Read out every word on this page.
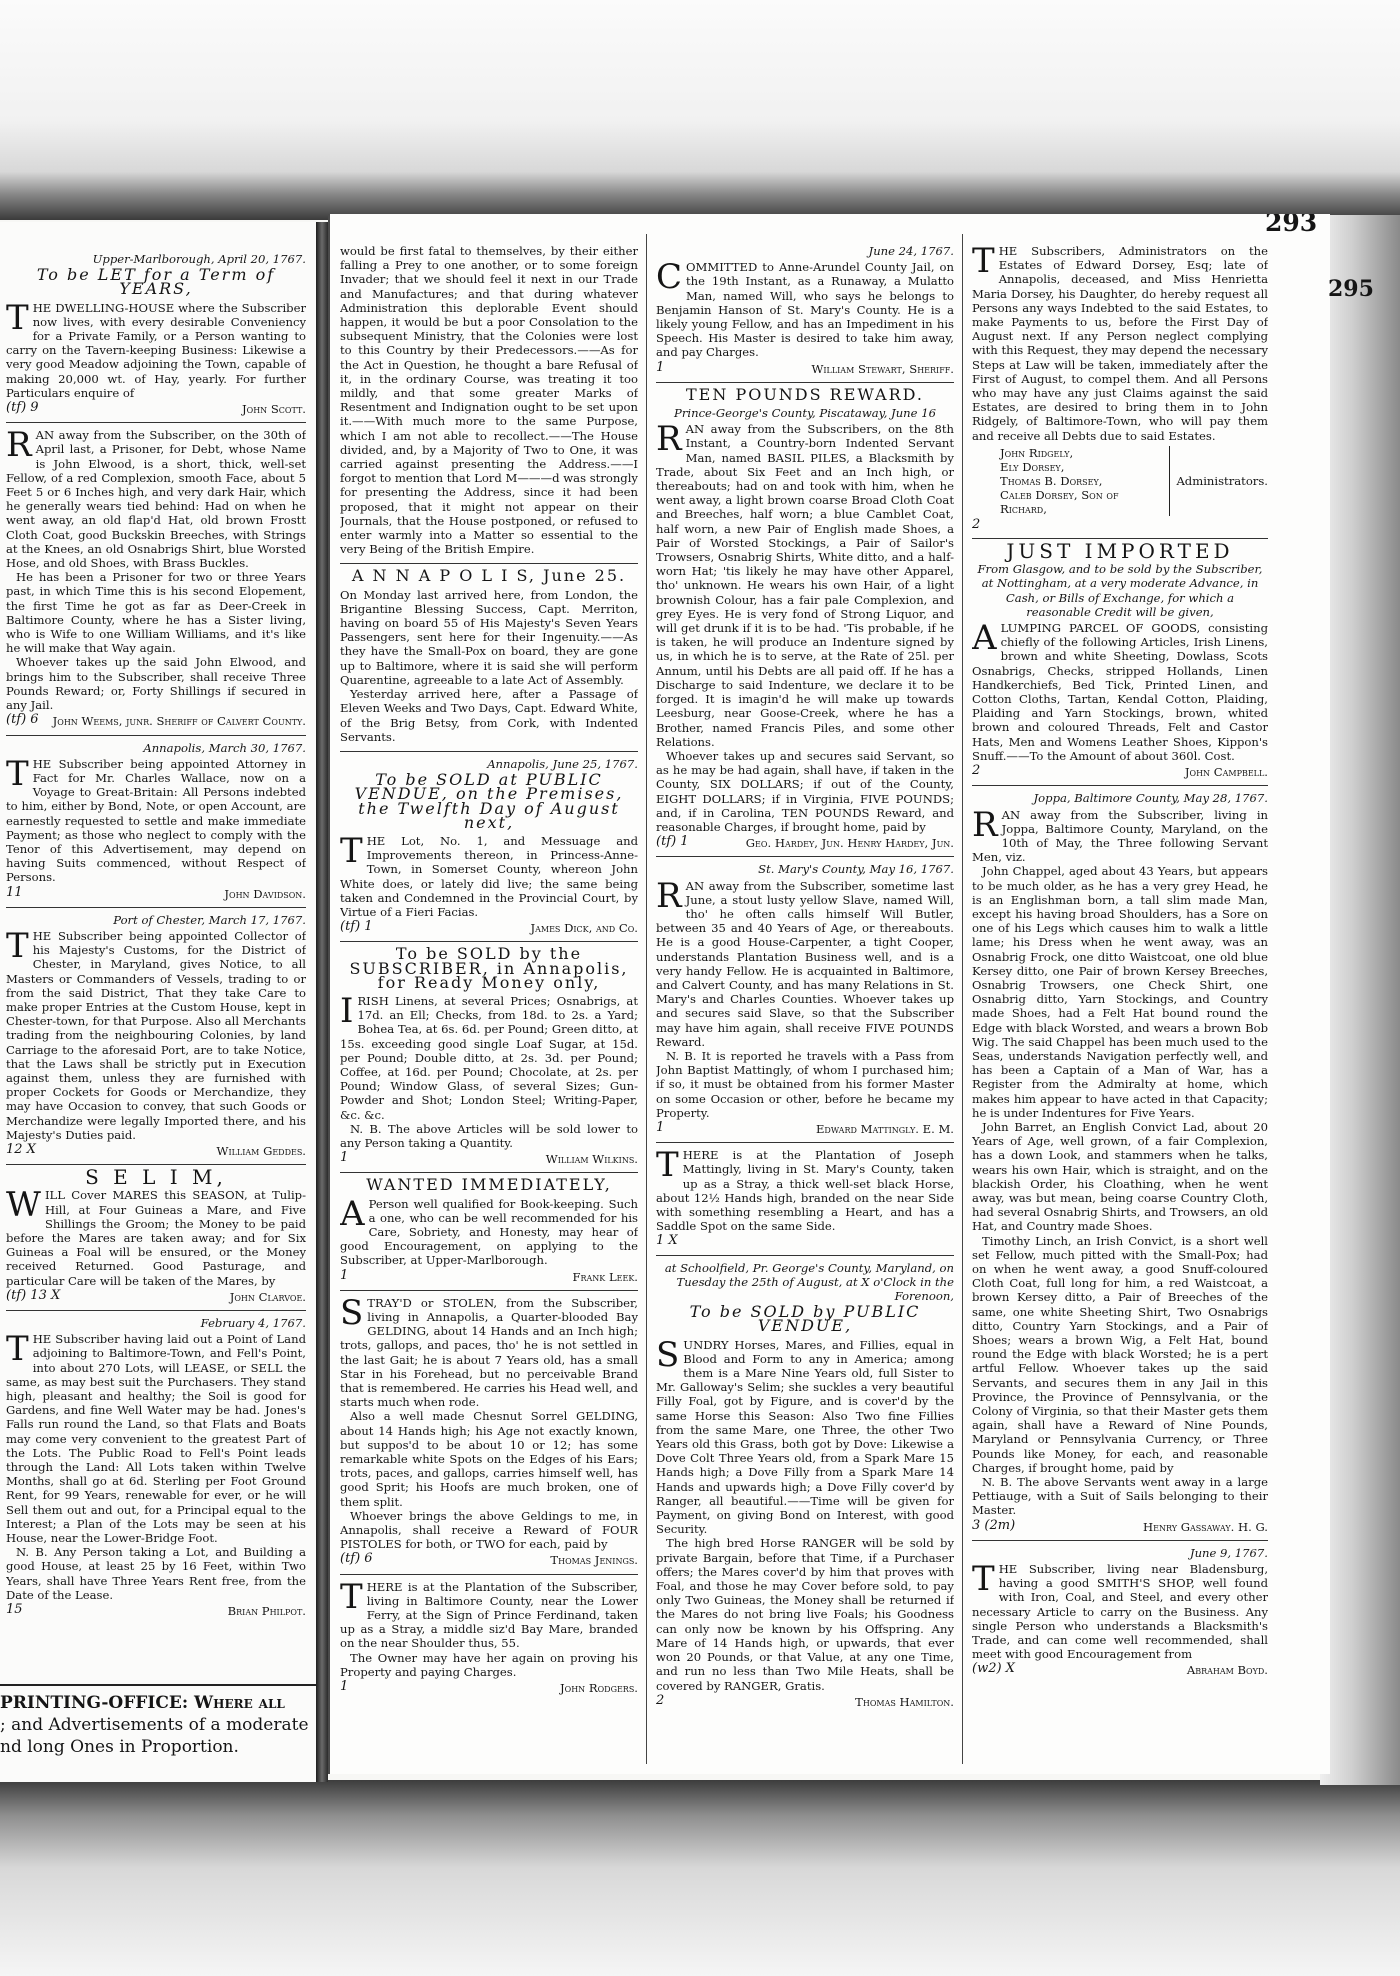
Upper-Marlborough, April 20, 1767.
To be LET for a Term of YEARS,

THE DWELLING-HOUSE where the Subscriber now lives, with every desirable Conveniency for a Private Family, or a Person wanting to carry on the Tavern-keeping Business: Likewise a very good Meadow adjoining the Town, capable of making 20,000 wt. of Hay, yearly. For further Particulars enquire of

(tf) 9	John Scott.

RAN away from the Subscriber, on the 30th of April last, a Prisoner, for Debt, whose Name is John Elwood, is a short, thick, well-set Fellow, of a red Complexion, smooth Face, about 5 Feet 5 or 6 Inches high, and very dark Hair, which he generally wears tied behind: Had on when he went away, an old flap'd Hat, old brown Frostt Cloth Coat, good Buckskin Breeches, with Strings at the Knees, an old Osnabrigs Shirt, blue Worsted Hose, and old Shoes, with Brass Buckles.

He has been a Prisoner for two or three Years past, in which Time this is his second Elopement, the first Time he got as far as Deer-Creek in Baltimore County, where he has a Sister living, who is Wife to one William Williams, and it's like he will make that Way again.

Whoever takes up the said John Elwood, and brings him to the Subscriber, shall receive Three Pounds Reward; or, Forty Shillings if secured in any Jail.

(tf) 6 John Weems, junr. Sheriff of Calvert County.
Annapolis, March 30, 1767.

THE Subscriber being appointed Attorney in Fact for Mr. Charles Wallace, now on a Voyage to Great-Britain: All Persons indebted to him, either by Bond, Note, or open Account, are earnestly requested to settle and make immediate Payment; as those who neglect to comply with the Tenor of this Advertisement, may depend on having Suits commenced, without Respect of Persons.

11	John Davidson.
Port of Chester, March 17, 1767.

THE Subscriber being appointed Collector of his Majesty's Customs, for the District of Chester, in Maryland, gives Notice, to all Masters or Commanders of Vessels, trading to or from the said District, That they take Care to make proper Entries at the Custom House, kept in Chester-town, for that Purpose. Also all Merchants trading from the neighbouring Colonies, by land Carriage to the aforesaid Port, are to take Notice, that the Laws shall be strictly put in Execution against them, unless they are furnished with proper Cockets for Goods or Merchandize, they may have Occasion to convey, that such Goods or Merchandize were legally Imported there, and his Majesty's Duties paid.

12 X	William Geddes.
S E L I M,

WILL Cover MARES this SEASON, at Tulip-Hill, at Four Guineas a Mare, and Five Shillings the Groom; the Money to be paid before the Mares are taken away; and for Six Guineas a Foal will be ensured, or the Money received Returned. Good Pasturage, and particular Care will be taken of the Mares, by

(tf) 13 X	John Clarvoe.
February 4, 1767.

THE Subscriber having laid out a Point of Land adjoining to Baltimore-Town, and Fell's Point, into about 270 Lots, will LEASE, or SELL the same, as may best suit the Purchasers. They stand high, pleasant and healthy; the Soil is good for Gardens, and fine Well Water may be had. Jones's Falls run round the Land, so that Flats and Boats may come very convenient to the greatest Part of the Lots. The Public Road to Fell's Point leads through the Land: All Lots taken within Twelve Months, shall go at 6d. Sterling per Foot Ground Rent, for 99 Years, renewable for ever, or he will Sell them out and out, for a Principal equal to the Interest; a Plan of the Lots may be seen at his House, near the Lower-Bridge Foot.

N. B. Any Person taking a Lot, and Building a good House, at least 25 by 16 Feet, within Two Years, shall have Three Years Rent free, from the Date of the Lease.

15	Brian Philpot.
PRINTING-OFFICE: Where all
; and Advertisements of a moderate
nd long Ones in Proportion.
293

would be first fatal to themselves, by their either falling a Prey to one another, or to some foreign Invader; that we should feel it next in our Trade and Manufactures; and that during whatever Administration this deplorable Event should happen, it would be but a poor Consolation to the subsequent Ministry, that the Colonies were lost to this Country by their Predecessors.——As for the Act in Question, he thought a bare Refusal of it, in the ordinary Course, was treating it too mildly, and that some greater Marks of Resentment and Indignation ought to be set upon it.——With much more to the same Purpose, which I am not able to recollect.——The House divided, and, by a Majority of Two to One, it was carried against presenting the Address.——I forgot to mention that Lord M———d was strongly for presenting the Address, since it had been proposed, that it might not appear on their Journals, that the House postponed, or refused to enter warmly into a Matter so essential to the very Being of the British Empire.

A N N A P O L I S, June 25.

On Monday last arrived here, from London, the Brigantine Blessing Success, Capt. Merriton, having on board 55 of His Majesty's Seven Years Passengers, sent here for their Ingenuity.——As they have the Small-Pox on board, they are gone up to Baltimore, where it is said she will perform Quarentine, agreeable to a late Act of Assembly.

Yesterday arrived here, after a Passage of Eleven Weeks and Two Days, Capt. Edward White, of the Brig Betsy, from Cork, with Indented Servants.

Annapolis, June 25, 1767.
To be SOLD at PUBLIC VENDUE, on the Premises, the Twelfth Day of August next,

THE Lot, No. 1, and Messuage and Improvements thereon, in Princess-Anne-Town, in Somerset County, whereon John White does, or lately did live; the same being taken and Condemned in the Provincial Court, by Virtue of a Fieri Facias.

(tf) 1	James Dick, and Co.
To be SOLD by the SUBSCRIBER, in Annapolis, for Ready Money only,

IRISH Linens, at several Prices; Osnabrigs, at 17d. an Ell; Checks, from 18d. to 2s. a Yard; Bohea Tea, at 6s. 6d. per Pound; Green ditto, at 15s. exceeding good single Loaf Sugar, at 15d. per Pound; Double ditto, at 2s. 3d. per Pound; Coffee, at 16d. per Pound; Chocolate, at 2s. per Pound; Window Glass, of several Sizes; Gun-Powder and Shot; London Steel; Writing-Paper, &c. &c.

N. B. The above Articles will be sold lower to any Person taking a Quantity.

1	William Wilkins.
WANTED IMMEDIATELY,

A Person well qualified for Book-keeping. Such a one, who can be well recommended for his Care, Sobriety, and Honesty, may hear of good Encouragement, on applying to the Subscriber, at Upper-Marlborough.

1	Frank Leek.

STRAY'D or STOLEN, from the Subscriber, living in Annapolis, a Quarter-blooded Bay GELDING, about 14 Hands and an Inch high; trots, gallops, and paces, tho' he is not settled in the last Gait; he is about 7 Years old, has a small Star in his Forehead, but no perceivable Brand that is remembered. He carries his Head well, and starts much when rode.

Also a well made Chesnut Sorrel GELDING, about 14 Hands high; his Age not exactly known, but suppos'd to be about 10 or 12; has some remarkable white Spots on the Edges of his Ears; trots, paces, and gallops, carries himself well, has good Sprit; his Hoofs are much broken, one of them split.

Whoever brings the above Geldings to me, in Annapolis, shall receive a Reward of FOUR PISTOLES for both, or TWO for each, paid by

(tf) 6	Thomas Jenings.

THERE is at the Plantation of the Subscriber, living in Baltimore County, near the Lower Ferry, at the Sign of Prince Ferdinand, taken up as a Stray, a middle siz'd Bay Mare, branded on the near Shoulder thus, 55.

The Owner may have her again on proving his Property and paying Charges.

1	John Rodgers.
June 24, 1767.

COMMITTED to Anne-Arundel County Jail, on the 19th Instant, as a Runaway, a Mulatto Man, named Will, who says he belongs to Benjamin Hanson of St. Mary's County. He is a likely young Fellow, and has an Impediment in his Speech. His Master is desired to take him away, and pay Charges.

1	William Stewart, Sheriff.
TEN POUNDS REWARD.
Prince-George's County, Piscataway, June 16

RAN away from the Subscribers, on the 8th Instant, a Country-born Indented Servant Man, named BASIL PILES, a Blacksmith by Trade, about Six Feet and an Inch high, or thereabouts; had on and took with him, when he went away, a light brown coarse Broad Cloth Coat and Breeches, half worn; a blue Camblet Coat, half worn, a new Pair of English made Shoes, a Pair of Worsted Stockings, a Pair of Sailor's Trowsers, Osnabrig Shirts, White ditto, and a half-worn Hat; 'tis likely he may have other Apparel, tho' unknown. He wears his own Hair, of a light brownish Colour, has a fair pale Complexion, and grey Eyes. He is very fond of Strong Liquor, and will get drunk if it is to be had. 'Tis probable, if he is taken, he will produce an Indenture signed by us, in which he is to serve, at the Rate of 25l. per Annum, until his Debts are all paid off. If he has a Discharge to said Indenture, we declare it to be forged. It is imagin'd he will make up towards Leesburg, near Goose-Creek, where he has a Brother, named Francis Piles, and some other Relations.

Whoever takes up and secures said Servant, so as he may be had again, shall have, if taken in the County, SIX DOLLARS; if out of the County, EIGHT DOLLARS; if in Virginia, FIVE POUNDS; and, if in Carolina, TEN POUNDS Reward, and reasonable Charges, if brought home, paid by

(tf) 1	Geo. Hardey, Jun. Henry Hardey, Jun.
St. Mary's County, May 16, 1767.

RAN away from the Subscriber, sometime last June, a stout lusty yellow Slave, named Will, tho' he often calls himself Will Butler, between 35 and 40 Years of Age, or thereabouts. He is a good House-Carpenter, a tight Cooper, understands Plantation Business well, and is a very handy Fellow. He is acquainted in Baltimore, and Calvert County, and has many Relations in St. Mary's and Charles Counties. Whoever takes up and secures said Slave, so that the Subscriber may have him again, shall receive FIVE POUNDS Reward.

N. B. It is reported he travels with a Pass from John Baptist Mattingly, of whom I purchased him; if so, it must be obtained from his former Master on some Occasion or other, before he became my Property.

1	Edward Mattingly. E. M.

THERE is at the Plantation of Joseph Mattingly, living in St. Mary's County, taken up as a Stray, a thick well-set black Horse, about 12½ Hands high, branded on the near Side with something resembling a Heart, and has a Saddle Spot on the same Side.

1 X
at Schoolfield, Pr. George's County, Maryland, on Tuesday the 25th of August, at X o'Clock in the Forenoon,
To be SOLD by PUBLIC VENDUE,

SUNDRY Horses, Mares, and Fillies, equal in Blood and Form to any in America; among them is a Mare Nine Years old, full Sister to Mr. Galloway's Selim; she suckles a very beautiful Filly Foal, got by Figure, and is cover'd by the same Horse this Season: Also Two fine Fillies from the same Mare, one Three, the other Two Years old this Grass, both got by Dove: Likewise a Dove Colt Three Years old, from a Spark Mare 15 Hands high; a Dove Filly from a Spark Mare 14 Hands and upwards high; a Dove Filly cover'd by Ranger, all beautiful.——Time will be given for Payment, on giving Bond on Interest, with good Security.

The high bred Horse RANGER will be sold by private Bargain, before that Time, if a Purchaser offers; the Mares cover'd by him that proves with Foal, and those he may Cover before sold, to pay only Two Guineas, the Money shall be returned if the Mares do not bring live Foals; his Goodness can only now be known by his Offspring. Any Mare of 14 Hands high, or upwards, that ever won 20 Pounds, or that Value, at any one Time, and run no less than Two Mile Heats, shall be covered by RANGER, Gratis.

2	Thomas Hamilton.

THE Subscribers, Administrators on the Estates of Edward Dorsey, Esq; late of Annapolis, deceased, and Miss Henrietta Maria Dorsey, his Daughter, do hereby request all Persons any ways Indebted to the said Estates, to make Payments to us, before the First Day of August next. If any Person neglect complying with this Request, they may depend the necessary Steps at Law will be taken, immediately after the First of August, to compel them. And all Persons who may have any just Claims against the said Estates, are desired to bring them in to John Ridgely, of Baltimore-Town, who will pay them and receive all Debts due to said Estates.

John Ridgely,
Ely Dorsey,
Thomas B. Dorsey,
Caleb Dorsey, Son of Richard,
Administrators.
2
JUST IMPORTED
From Glasgow, and to be sold by the Subscriber, at Nottingham, at a very moderate Advance, in Cash, or Bills of Exchange, for which a reasonable Credit will be given,

ALUMPING PARCEL OF GOODS, consisting chiefly of the following Articles, Irish Linens, brown and white Sheeting, Dowlass, Scots Osnabrigs, Checks, stripped Hollands, Linen Handkerchiefs, Bed Tick, Printed Linen, and Cotton Cloths, Tartan, Kendal Cotton, Plaiding, Plaiding and Yarn Stockings, brown, whited brown and coloured Threads, Felt and Castor Hats, Men and Womens Leather Shoes, Kippon's Snuff.——To the Amount of about 360l. Cost.

2	John Campbell.
Joppa, Baltimore County, May 28, 1767.

RAN away from the Subscriber, living in Joppa, Baltimore County, Maryland, on the 10th of May, the Three following Servant Men, viz.

John Chappel, aged about 43 Years, but appears to be much older, as he has a very grey Head, he is an Englishman born, a tall slim made Man, except his having broad Shoulders, has a Sore on one of his Legs which causes him to walk a little lame; his Dress when he went away, was an Osnabrig Frock, one ditto Waistcoat, one old blue Kersey ditto, one Pair of brown Kersey Breeches, Osnabrig Trowsers, one Check Shirt, one Osnabrig ditto, Yarn Stockings, and Country made Shoes, had a Felt Hat bound round the Edge with black Worsted, and wears a brown Bob Wig. The said Chappel has been much used to the Seas, understands Navigation perfectly well, and has been a Captain of a Man of War, has a Register from the Admiralty at home, which makes him appear to have acted in that Capacity; he is under Indentures for Five Years.

John Barret, an English Convict Lad, about 20 Years of Age, well grown, of a fair Complexion, has a down Look, and stammers when he talks, wears his own Hair, which is straight, and on the blackish Order, his Cloathing, when he went away, was but mean, being coarse Country Cloth, had several Osnabrig Shirts, and Trowsers, an old Hat, and Country made Shoes.

Timothy Linch, an Irish Convict, is a short well set Fellow, much pitted with the Small-Pox; had on when he went away, a good Snuff-coloured Cloth Coat, full long for him, a red Waistcoat, a brown Kersey ditto, a Pair of Breeches of the same, one white Sheeting Shirt, Two Osnabrigs ditto, Country Yarn Stockings, and a Pair of Shoes; wears a brown Wig, a Felt Hat, bound round the Edge with black Worsted; he is a pert artful Fellow. Whoever takes up the said Servants, and secures them in any Jail in this Province, the Province of Pennsylvania, or the Colony of Virginia, so that their Master gets them again, shall have a Reward of Nine Pounds, Maryland or Pennsylvania Currency, or Three Pounds like Money, for each, and reasonable Charges, if brought home, paid by

N. B. The above Servants went away in a large Pettiauge, with a Suit of Sails belonging to their Master.

3 (2m)	Henry Gassaway. H. G.
June 9, 1767.

THE Subscriber, living near Bladensburg, having a good SMITH'S SHOP, well found with Iron, Coal, and Steel, and every other necessary Article to carry on the Business. Any single Person who understands a Blacksmith's Trade, and can come well recommended, shall meet with good Encouragement from

(w2) X	Abraham Boyd.
295
